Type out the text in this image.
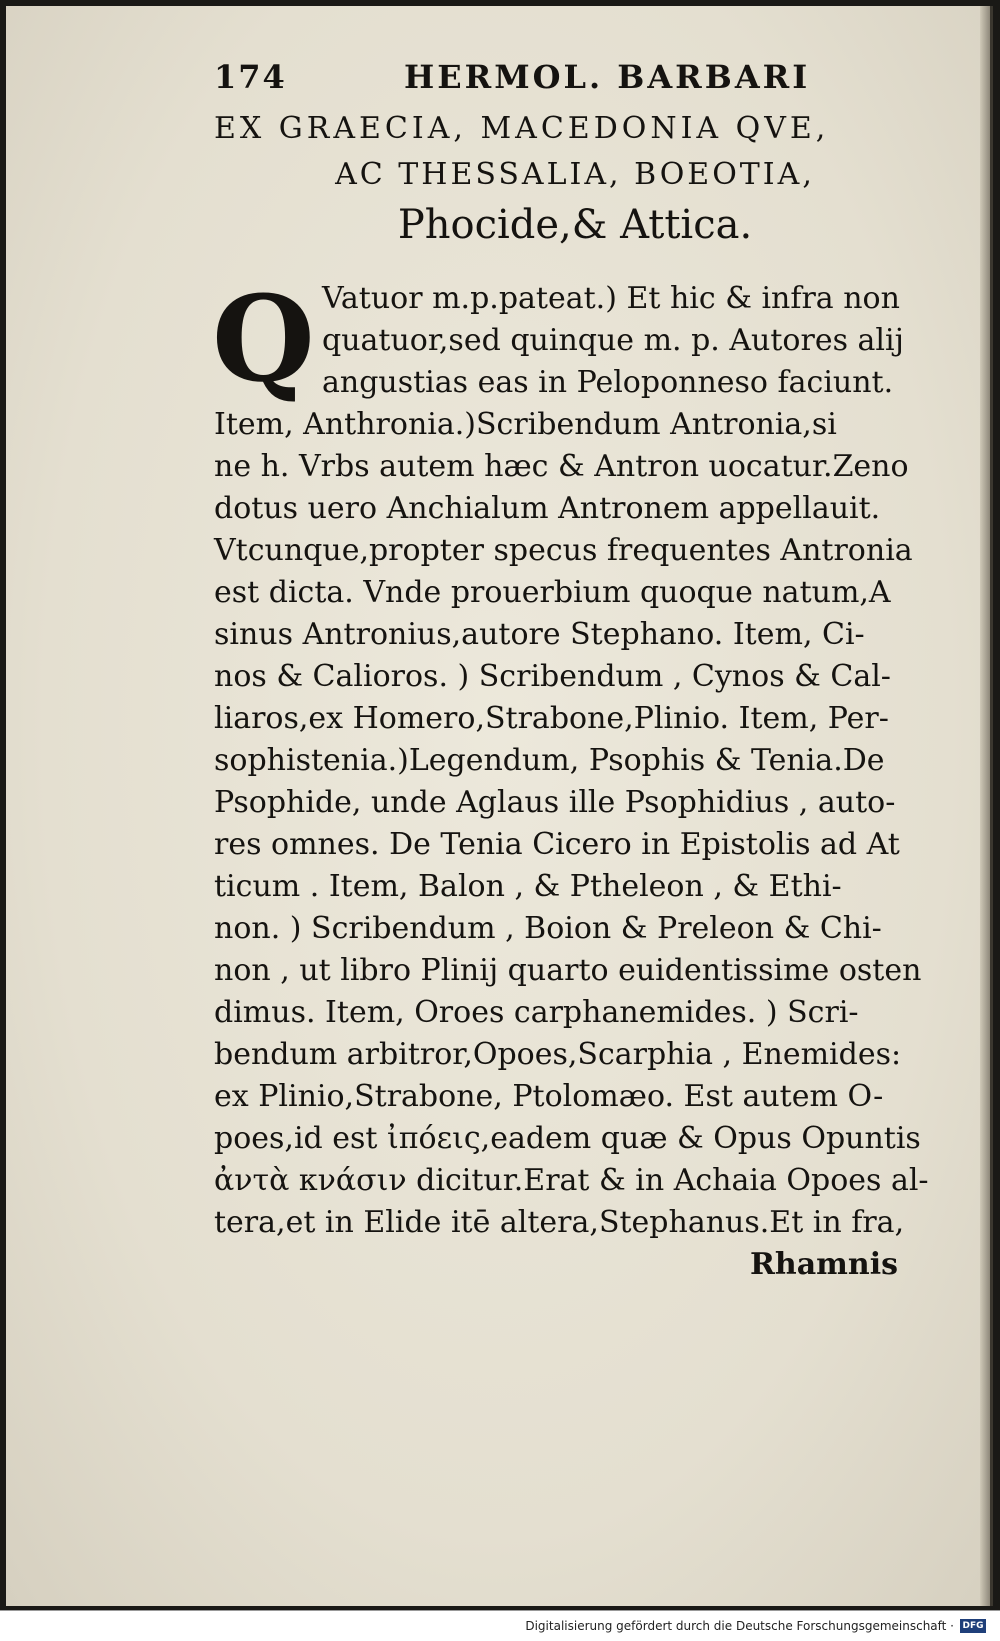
174	HERMOL. BARBARI
EX GRAECIA, MACEDONIA QVE,
AC THESSALIA, BOEOTIA,
Phocide,& Attica.
Q Vatuor m.p.pateat.) Et hic & infra non
quatuor,sed quinque m. p. Autores alij
angustias eas in Peloponneso faciunt.
Item, Anthronia.)Scribendum Antronia,si
ne h. Vrbs autem hæc & Antron uocatur.Zeno
dotus uero Anchialum Antronem appellauit.
Vtcunque,propter specus frequentes Antronia
est dicta. Vnde prouerbium quoque natum,A
sinus Antronius,autore Stephano. Item, Ci-
nos & Calioros. ) Scribendum , Cynos & Cal-
liaros,ex Homero,Strabone,Plinio. Item, Per-
sophistenia.)Legendum, Psophis & Tenia.De
Psophide, unde Aglaus ille Psophidius , auto-
res omnes. De Tenia Cicero in Epistolis ad At
ticum . Item, Balon , & Ptheleon , & Ethi-
non. ) Scribendum , Boion & Preleon & Chi-
non , ut libro Plinij quarto euidentissime osten
dimus. Item, Oroes carphanemides. ) Scri-
bendum arbitror,Opoes,Scarphia , Enemides:
ex Plinio,Strabone, Ptolomæo. Est autem O-
poes,id est ἰπόεις,eadem quæ & Opus Opuntis
ἀντὰ κνάσιν dicitur.Erat & in Achaia Opoes al-
tera,et in Elide itē altera,Stephanus.Et in fra,
Rhamnis
Digitalisierung gefördert durch die Deutsche Forschungsgemeinschaft · DFG
